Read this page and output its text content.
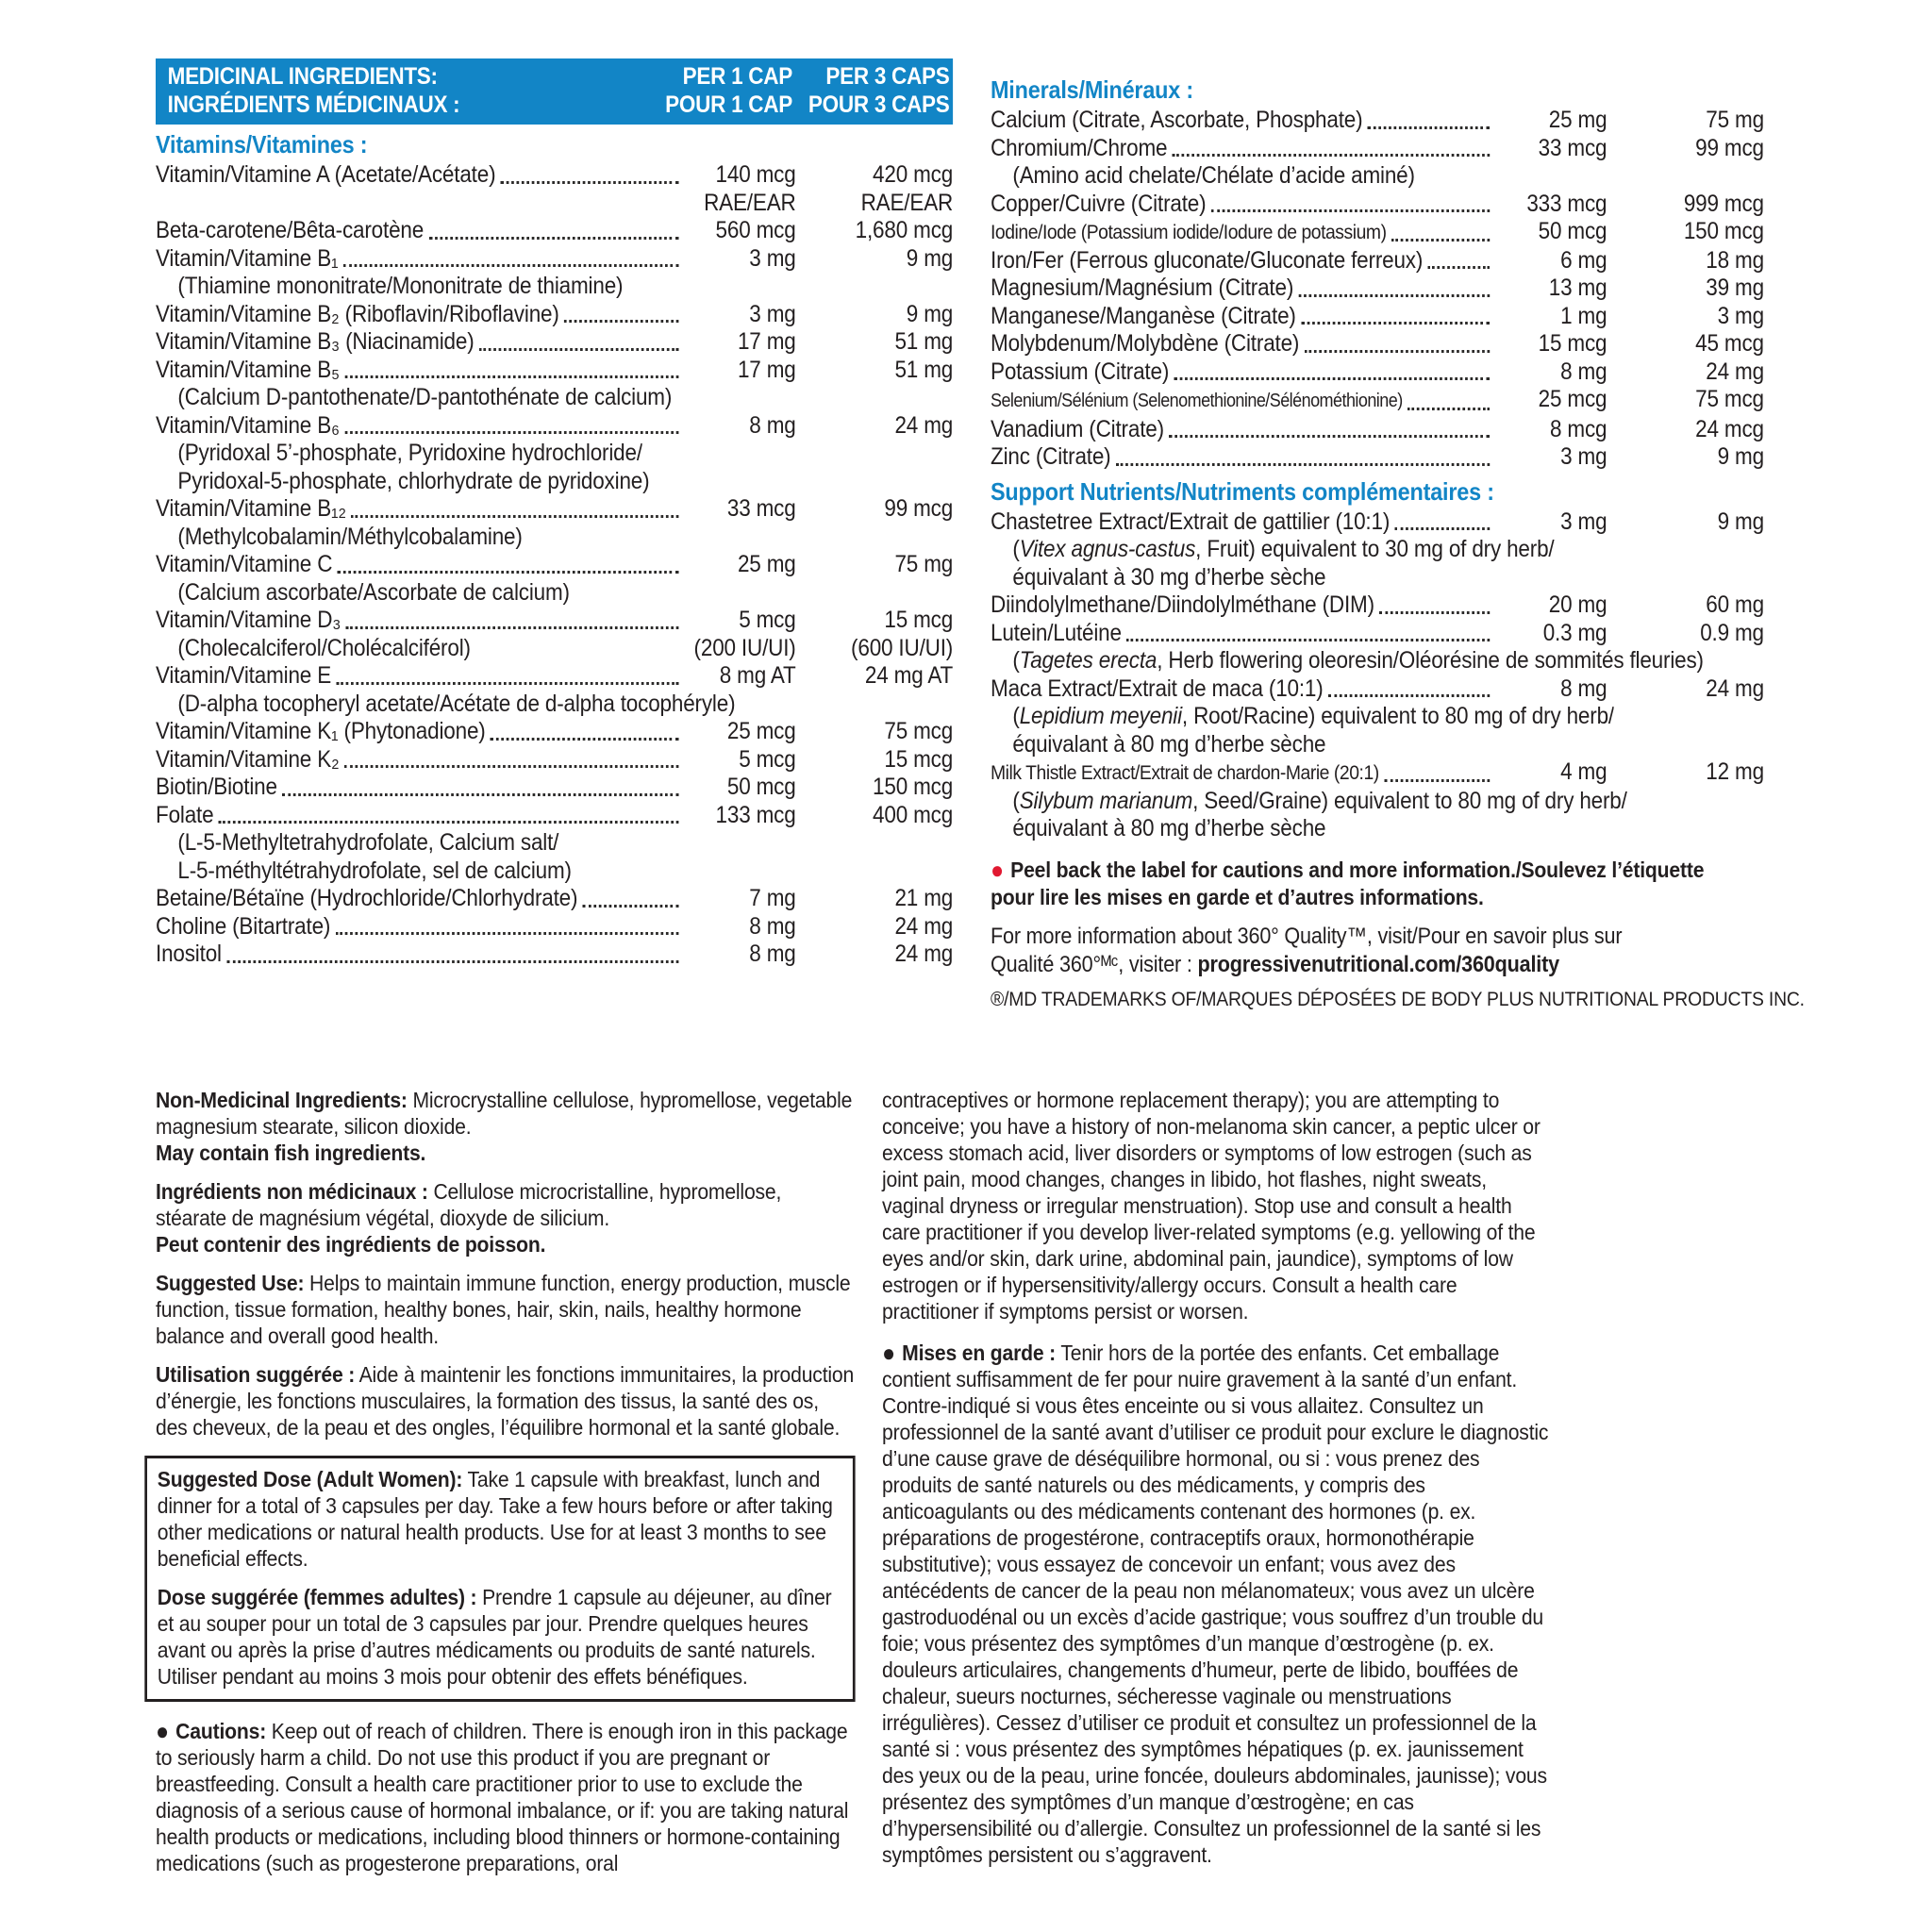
MEDICINAL INGREDIENTS:	PER 1 CAP	PER 3 CAPS
INGRÉDIENTS MÉDICINAUX :	POUR 1 CAP POUR 3 CAPS
Vitamins/Vitamines :
Vitamin/Vitamine A (Acetate/Acétate)	140 mcg	420 mcg
RAE/EAR	RAE/EAR
Beta-carotene/Bêta-carotène	560 mcg	1,680 mcg
Vitamin/Vitamine B₁	3 mg	9 mg
(Thiamine mononitrate/Mononitrate de thiamine)
Vitamin/Vitamine B₂ (Riboflavin/Riboflavine)	3 mg	9 mg
Vitamin/Vitamine B₃ (Niacinamide)	17 mg	51 mg
Vitamin/Vitamine B₅	17 mg	51 mg
(Calcium D-pantothenate/D-pantothénate de calcium)
Vitamin/Vitamine B₆	8 mg	24 mg
(Pyridoxal 5’-phosphate, Pyridoxine hydrochloride/
Pyridoxal-5-phosphate, chlorhydrate de pyridoxine)
Vitamin/Vitamine B₁₂	33 mcg	99 mcg
(Methylcobalamin/Méthylcobalamine)
Vitamin/Vitamine C	25 mg	75 mg
(Calcium ascorbate/Ascorbate de calcium)
Vitamin/Vitamine D₃	5 mcg	15 mcg
(Cholecalciferol/Cholécalciférol)	(200 IU/UI)	(600 IU/UI)
Vitamin/Vitamine E	8 mg AT	24 mg AT
(D-alpha tocopheryl acetate/Acétate de d-alpha tocophéryle)
Vitamin/Vitamine K₁ (Phytonadione)	25 mcg	75 mcg
Vitamin/Vitamine K₂	5 mcg	15 mcg
Biotin/Biotine	50 mcg	150 mcg
Folate	133 mcg	400 mcg
(L-5-Methyltetrahydrofolate, Calcium salt/
L-5-méthyltétrahydrofolate, sel de calcium)
Betaine/Bétaïne (Hydrochloride/Chlorhydrate)	7 mg	21 mg
Choline (Bitartrate)	8 mg	24 mg
Inositol	8 mg	24 mg
Minerals/Minéraux :
Calcium (Citrate, Ascorbate, Phosphate)	25 mg	75 mg
Chromium/Chrome	33 mcg	99 mcg
(Amino acid chelate/Chélate d’acide aminé)
Copper/Cuivre (Citrate)	333 mcg	999 mcg
Iodine/Iode (Potassium iodide/Iodure de potassium)	50 mcg	150 mcg
Iron/Fer (Ferrous gluconate/Gluconate ferreux)	6 mg	18 mg
Magnesium/Magnésium (Citrate)	13 mg	39 mg
Manganese/Manganèse (Citrate)	1 mg	3 mg
Molybdenum/Molybdène (Citrate)	15 mcg	45 mcg
Potassium (Citrate)	8 mg	24 mg
Selenium/Sélénium (Selenomethionine/Sélénométhionine)	25 mcg	75 mcg
Vanadium (Citrate)	8 mcg	24 mcg
Zinc (Citrate)	3 mg	9 mg
Support Nutrients/Nutriments complémentaires :
Chastetree Extract/Extrait de gattilier (10:1)	3 mg	9 mg
(Vitex agnus-castus, Fruit) equivalent to 30 mg of dry herb/
équivalant à 30 mg d’herbe sèche
Diindolylmethane/Diindolylméthane (DIM)	20 mg	60 mg
Lutein/Lutéine	0.3 mg	0.9 mg
(Tagetes erecta, Herb flowering oleoresin/Oléorésine de sommités fleuries)
Maca Extract/Extrait de maca (10:1)	8 mg	24 mg
(Lepidium meyenii, Root/Racine) equivalent to 80 mg of dry herb/
équivalant à 80 mg d’herbe sèche
Milk Thistle Extract/Extrait de chardon-Marie (20:1)	4 mg	12 mg
(Silybum marianum, Seed/Graine) equivalent to 80 mg of dry herb/
équivalant à 80 mg d’herbe sèche
● Peel back the label for cautions and more information./Soulevez l’étiquette
pour lire les mises en garde et d’autres informations.
For more information about 360° Quality™, visit/Pour en savoir plus sur
Qualité 360°ᴹᶜ, visiter : progressivenutritional.com/360quality
®/MD TRADEMARKS OF/MARQUES DÉPOSÉES DE BODY PLUS NUTRITIONAL PRODUCTS INC.

Non-Medicinal Ingredients: Microcrystalline cellulose, hypromellose, vegetable magnesium stearate, silicon dioxide.

May contain fish ingredients.

Ingrédients non médicinaux : Cellulose microcristalline, hypromellose, stéarate de magnésium végétal, dioxyde de silicium.

Peut contenir des ingrédients de poisson.

Suggested Use: Helps to maintain immune function, energy production, muscle function, tissue formation, healthy bones, hair, skin, nails, healthy hormone balance and overall good health.

Utilisation suggérée : Aide à maintenir les fonctions immunitaires, la production d’énergie, les fonctions musculaires, la formation des tissus, la santé des os, des cheveux, de la peau et des ongles, l’équilibre hormonal et la santé globale.

Suggested Dose (Adult Women): Take 1 capsule with breakfast, lunch and dinner for a total of 3 capsules per day. Take a few hours before or after taking other medications or natural health products. Use for at least 3 months to see beneficial effects.

Dose suggérée (femmes adultes) : Prendre 1 capsule au déjeuner, au dîner et au souper pour un total de 3 capsules par jour. Prendre quelques heures avant ou après la prise d’autres médicaments ou produits de santé naturels. Utiliser pendant au moins 3 mois pour obtenir des effets bénéfiques.

● Cautions: Keep out of reach of children. There is enough iron in this package to seriously harm a child. Do not use this product if you are pregnant or breastfeeding. Consult a health care practitioner prior to use to exclude the diagnosis of a serious cause of hormonal imbalance, or if: you are taking natural health products or medications, including blood thinners or hormone-containing medications (such as progesterone preparations, oral

contraceptives or hormone replacement therapy); you are attempting to conceive; you have a history of non-melanoma skin cancer, a peptic ulcer or excess stomach acid, liver disorders or symptoms of low estrogen (such as joint pain, mood changes, changes in libido, hot flashes, night sweats, vaginal dryness or irregular menstruation). Stop use and consult a health care practitioner if you develop liver-related symptoms (e.g. yellowing of the eyes and/or skin, dark urine, abdominal pain, jaundice), symptoms of low estrogen or if hypersensitivity/allergy occurs. Consult a health care practitioner if symptoms persist or worsen.

● Mises en garde : Tenir hors de la portée des enfants. Cet emballage contient suffisamment de fer pour nuire gravement à la santé d’un enfant. Contre-indiqué si vous êtes enceinte ou si vous allaitez. Consultez un professionnel de la santé avant d’utiliser ce produit pour exclure le diagnostic d’une cause grave de déséquilibre hormonal, ou si : vous prenez des produits de santé naturels ou des médicaments, y compris des anticoagulants ou des médicaments contenant des hormones (p. ex. préparations de progestérone, contraceptifs oraux, hormonothérapie substitutive); vous essayez de concevoir un enfant; vous avez des antécédents de cancer de la peau non mélanomateux; vous avez un ulcère gastroduodénal ou un excès d’acide gastrique; vous souffrez d’un trouble du foie; vous présentez des symptômes d’un manque d’œstrogène (p. ex. douleurs articulaires, changements d’humeur, perte de libido, bouffées de chaleur, sueurs nocturnes, sécheresse vaginale ou menstruations irrégulières). Cessez d’utiliser ce produit et consultez un professionnel de la santé si : vous présentez des symptômes hépatiques (p. ex. jaunissement des yeux ou de la peau, urine foncée, douleurs abdominales, jaunisse); vous présentez des symptômes d’un manque d’œstrogène; en cas d’hypersensibilité ou d’allergie. Consultez un professionnel de la santé si les symptômes persistent ou s’aggravent.
